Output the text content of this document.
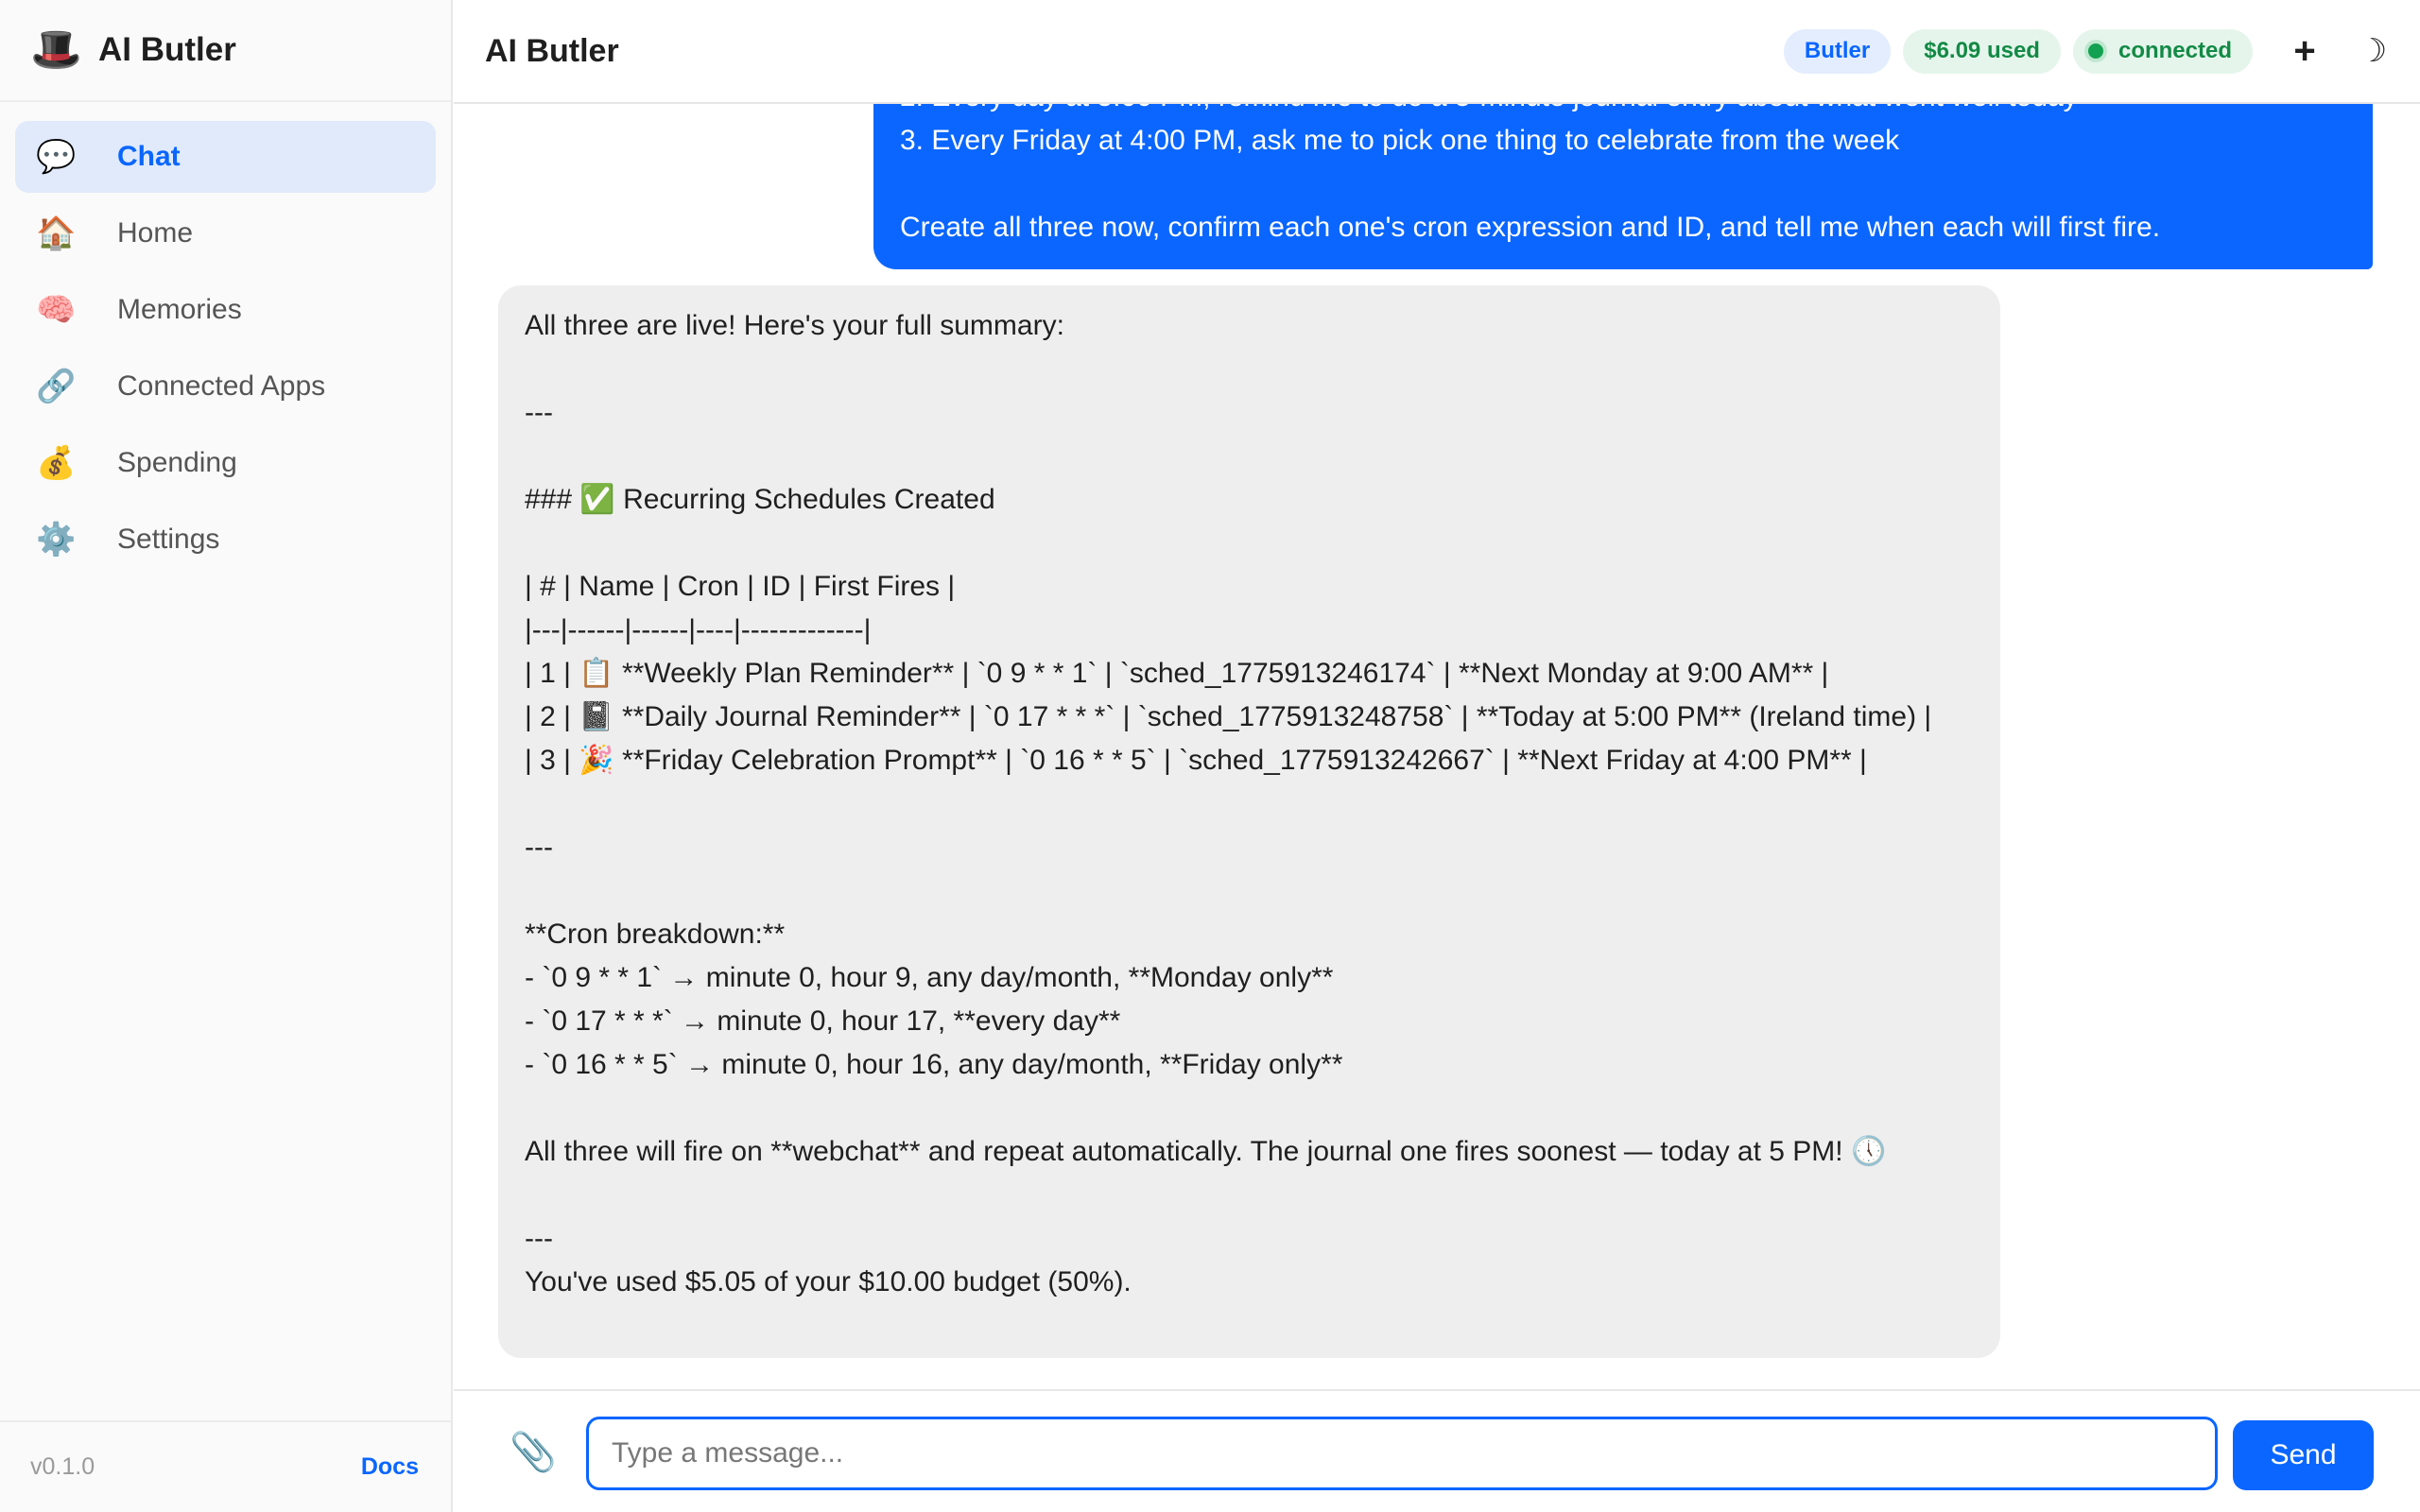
🎩 AI Butler
💬 Chat
🏠 Home
🧠 Memories
🔗 Connected Apps
💰 Spending
⚙️ Settings
v0.1.0	Docs
AI Butler	Butler	$6.09 used	connected + ☽
3. Every Friday at 4:00 PM, ask me to pick one thing to celebrate from the week
Create all three now, confirm each one's cron expression and ID, and tell me when each will first fire.
All three are live! Here's your full summary:
---
### ✅ Recurring Schedules Created
| # | Name | Cron | ID | First Fires |
|---|------|------|----|-------------|
| 1 | 📋 **Weekly Plan Reminder** | `0 9 * * 1` | `sched_1775913246174` | **Next Monday at 9:00 AM** |
| 2 | 📓 **Daily Journal Reminder** | `0 17 * * *` | `sched_1775913248758` | **Today at 5:00 PM** (Ireland time) |
| 3 | 🎉 **Friday Celebration Prompt** | `0 16 * * 5` | `sched_1775913242667` | **Next Friday at 4:00 PM** |
---
**Cron breakdown:**
- `0 9 * * 1` → minute 0, hour 9, any day/month, **Monday only**
- `0 17 * * *` → minute 0, hour 17, **every day**
- `0 16 * * 5` → minute 0, hour 16, any day/month, **Friday only**
All three will fire on **webchat** and repeat automatically. The journal one fires soonest — today at 5 PM! 🕔
---
You've used $5.05 of your $10.00 budget (50%).
📎
Type a message...	Send
